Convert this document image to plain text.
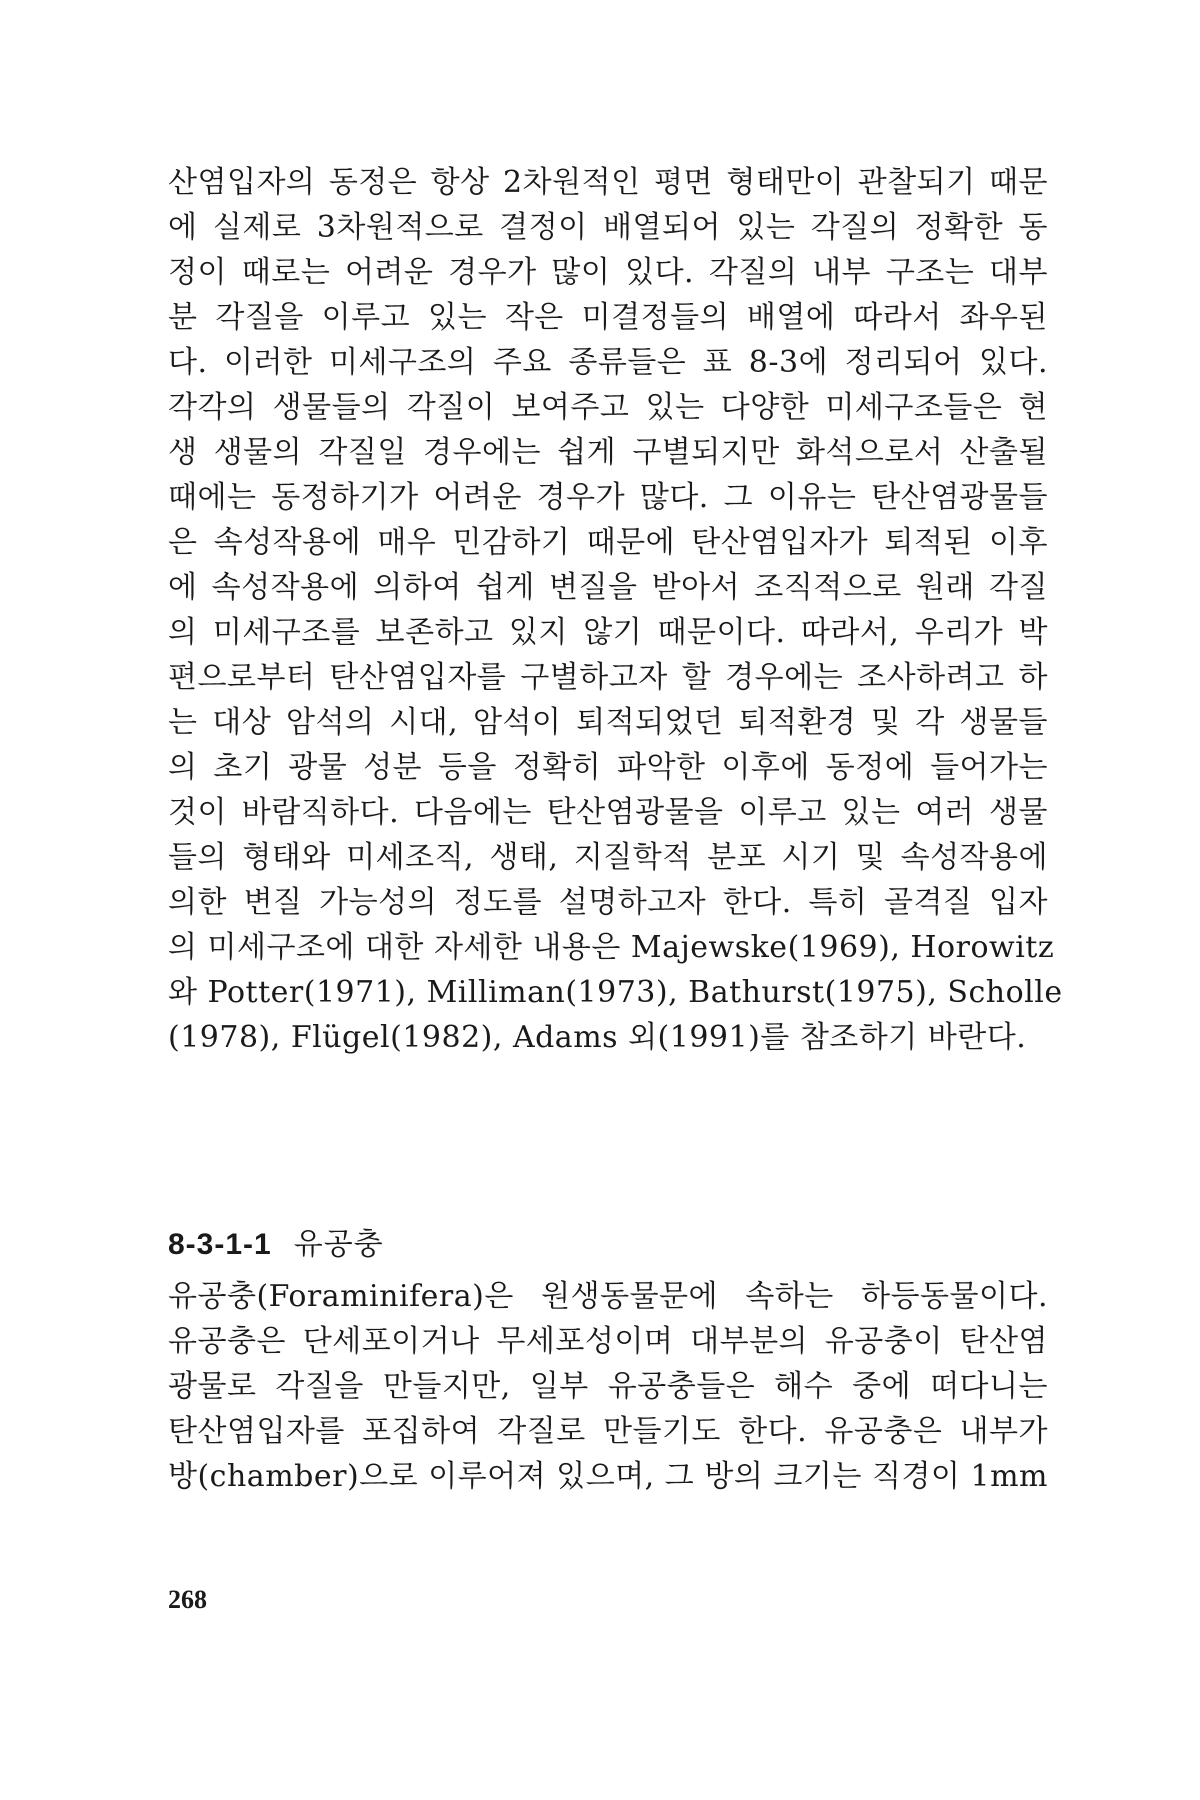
산염입자의 동정은 항상 2차원적인 평면 형태만이 관찰되기 때문
에 실제로 3차원적으로 결정이 배열되어 있는 각질의 정확한 동
정이 때로는 어려운 경우가 많이 있다. 각질의 내부 구조는 대부
분 각질을 이루고 있는 작은 미결정들의 배열에 따라서 좌우된
다. 이러한 미세구조의 주요 종류들은 표 8-3에 정리되어 있다.
각각의 생물들의 각질이 보여주고 있는 다양한 미세구조들은 현
생 생물의 각질일 경우에는 쉽게 구별되지만 화석으로서 산출될
때에는 동정하기가 어려운 경우가 많다. 그 이유는 탄산염광물들
은 속성작용에 매우 민감하기 때문에 탄산염입자가 퇴적된 이후
에 속성작용에 의하여 쉽게 변질을 받아서 조직적으로 원래 각질
의 미세구조를 보존하고 있지 않기 때문이다. 따라서, 우리가 박
편으로부터 탄산염입자를 구별하고자 할 경우에는 조사하려고 하
는 대상 암석의 시대, 암석이 퇴적되었던 퇴적환경 및 각 생물들
의 초기 광물 성분 등을 정확히 파악한 이후에 동정에 들어가는
것이 바람직하다. 다음에는 탄산염광물을 이루고 있는 여러 생물
들의 형태와 미세조직, 생태, 지질학적 분포 시기 및 속성작용에
의한 변질 가능성의 정도를 설명하고자 한다. 특히 골격질 입자
의 미세구조에 대한 자세한 내용은 Majewske(1969), Horowitz
와 Potter(1971), Milliman(1973), Bathurst(1975), Scholle
(1978), Flügel(1982), Adams 외(1991)를 참조하기 바란다.
8-3-1-1 유공충
유공충(Foraminifera)은 원생동물문에 속하는 하등동물이다.
유공충은 단세포이거나 무세포성이며 대부분의 유공충이 탄산염
광물로 각질을 만들지만, 일부 유공충들은 해수 중에 떠다니는
탄산염입자를 포집하여 각질로 만들기도 한다. 유공충은 내부가
방(chamber)으로 이루어져 있으며, 그 방의 크기는 직경이 1mm
268
